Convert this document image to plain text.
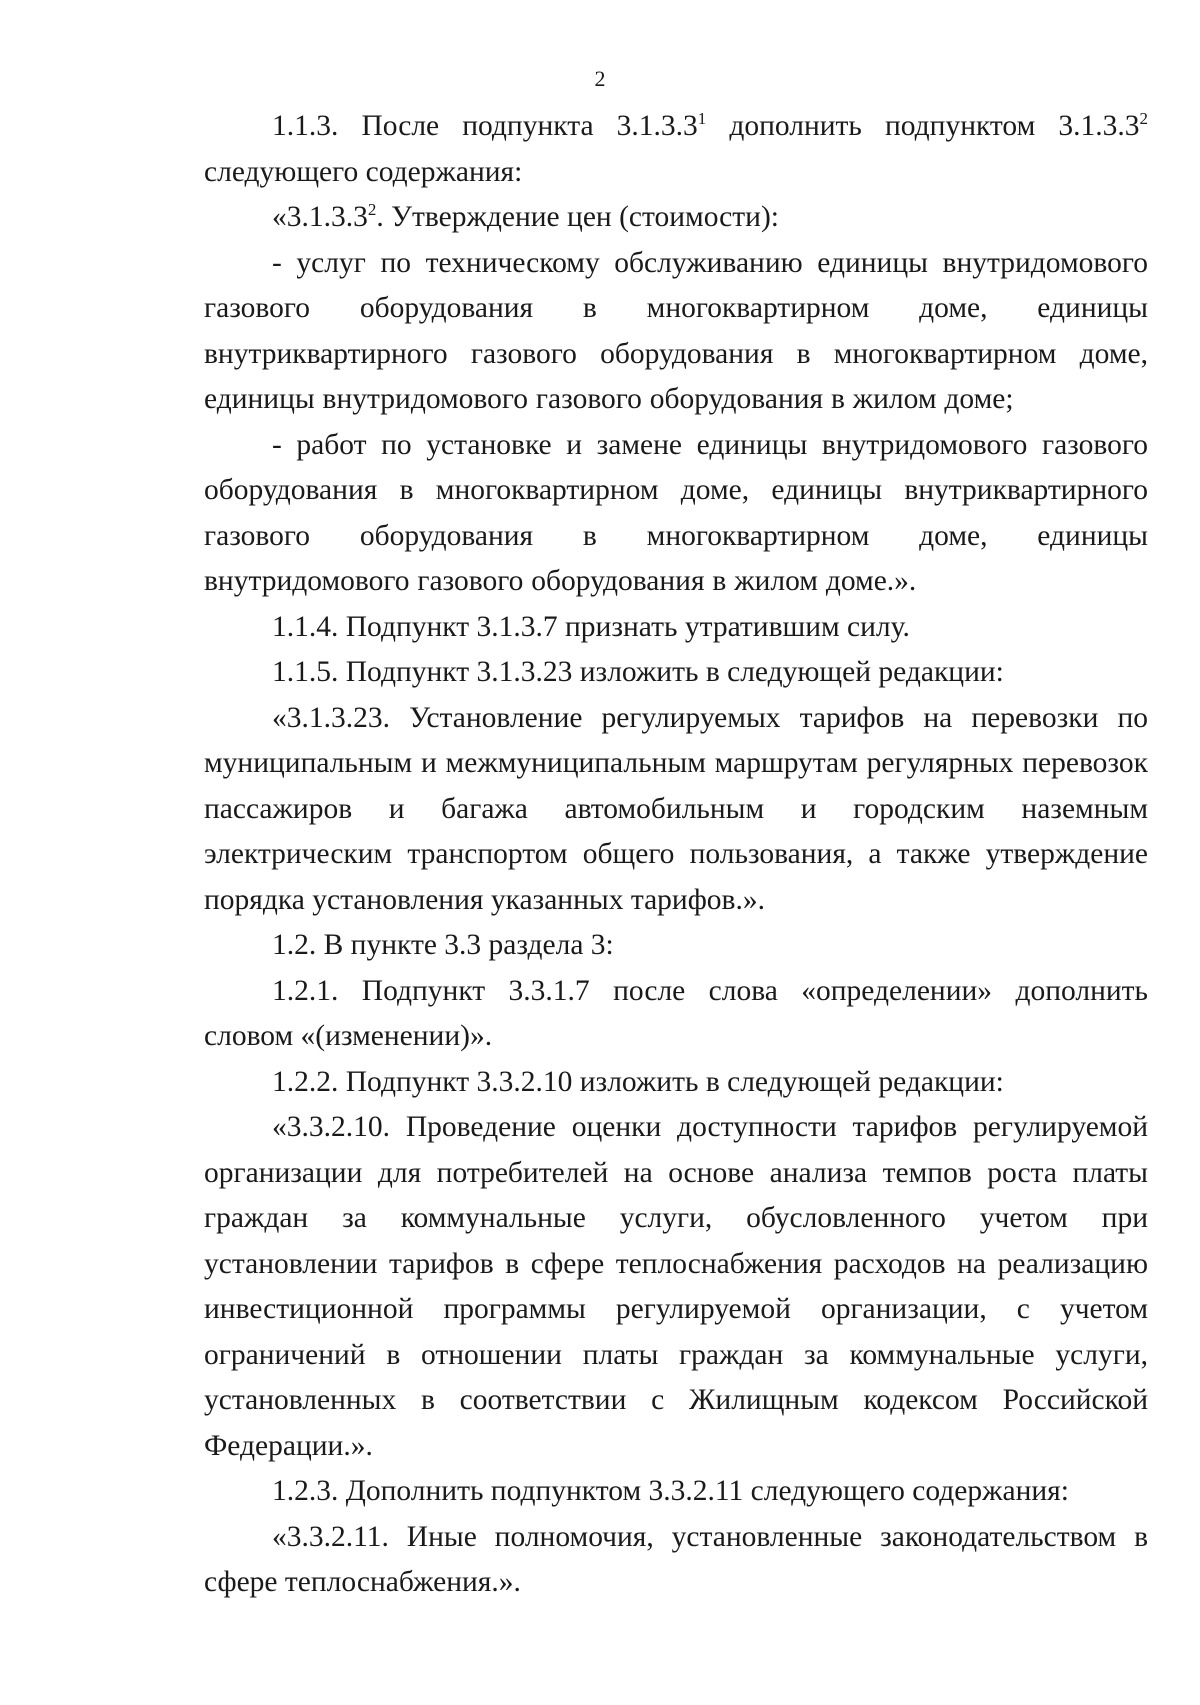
2

1.1.3. После подпункта 3.1.3.3$^1$ дополнить подпунктом 3.1.3.3$^2$ следующего содержания:

«3.1.3.3$^2$. Утверждение цен (стоимости):

- услуг по техническому обслуживанию единицы внутридомового газового оборудования в многоквартирном доме, единицы внутриквартирного газового оборудования в многоквартирном доме, единицы внутридомового газового оборудования в жилом доме;

- работ по установке и замене единицы внутридомового газового оборудования в многоквартирном доме, единицы внутриквартирного газового оборудования в многоквартирном доме, единицы внутридомового газового оборудования в жилом доме.».

1.1.4. Подпункт 3.1.3.7 признать утратившим силу.

1.1.5. Подпункт 3.1.3.23 изложить в следующей редакции:

«3.1.3.23. Установление регулируемых тарифов на перевозки по муниципальным и межмуниципальным маршрутам регулярных перевозок пассажиров и багажа автомобильным и городским наземным электрическим транспортом общего пользования, а также утверждение порядка установления указанных тарифов.».

1.2. В пункте 3.3 раздела 3:

1.2.1. Подпункт 3.3.1.7 после слова «определении» дополнить словом «(изменении)».

1.2.2. Подпункт 3.3.2.10 изложить в следующей редакции:

«3.3.2.10. Проведение оценки доступности тарифов регулируемой организации для потребителей на основе анализа темпов роста платы граждан за коммунальные услуги, обусловленного учетом при установлении тарифов в сфере теплоснабжения расходов на реализацию инвестиционной программы регулируемой организации, с учетом ограничений в отношении платы граждан за коммунальные услуги, установленных в соответствии с Жилищным кодексом Российской Федерации.».

1.2.3. Дополнить подпунктом 3.3.2.11 следующего содержания:

«3.3.2.11. Иные полномочия, установленные законодательством в сфере теплоснабжения.».
